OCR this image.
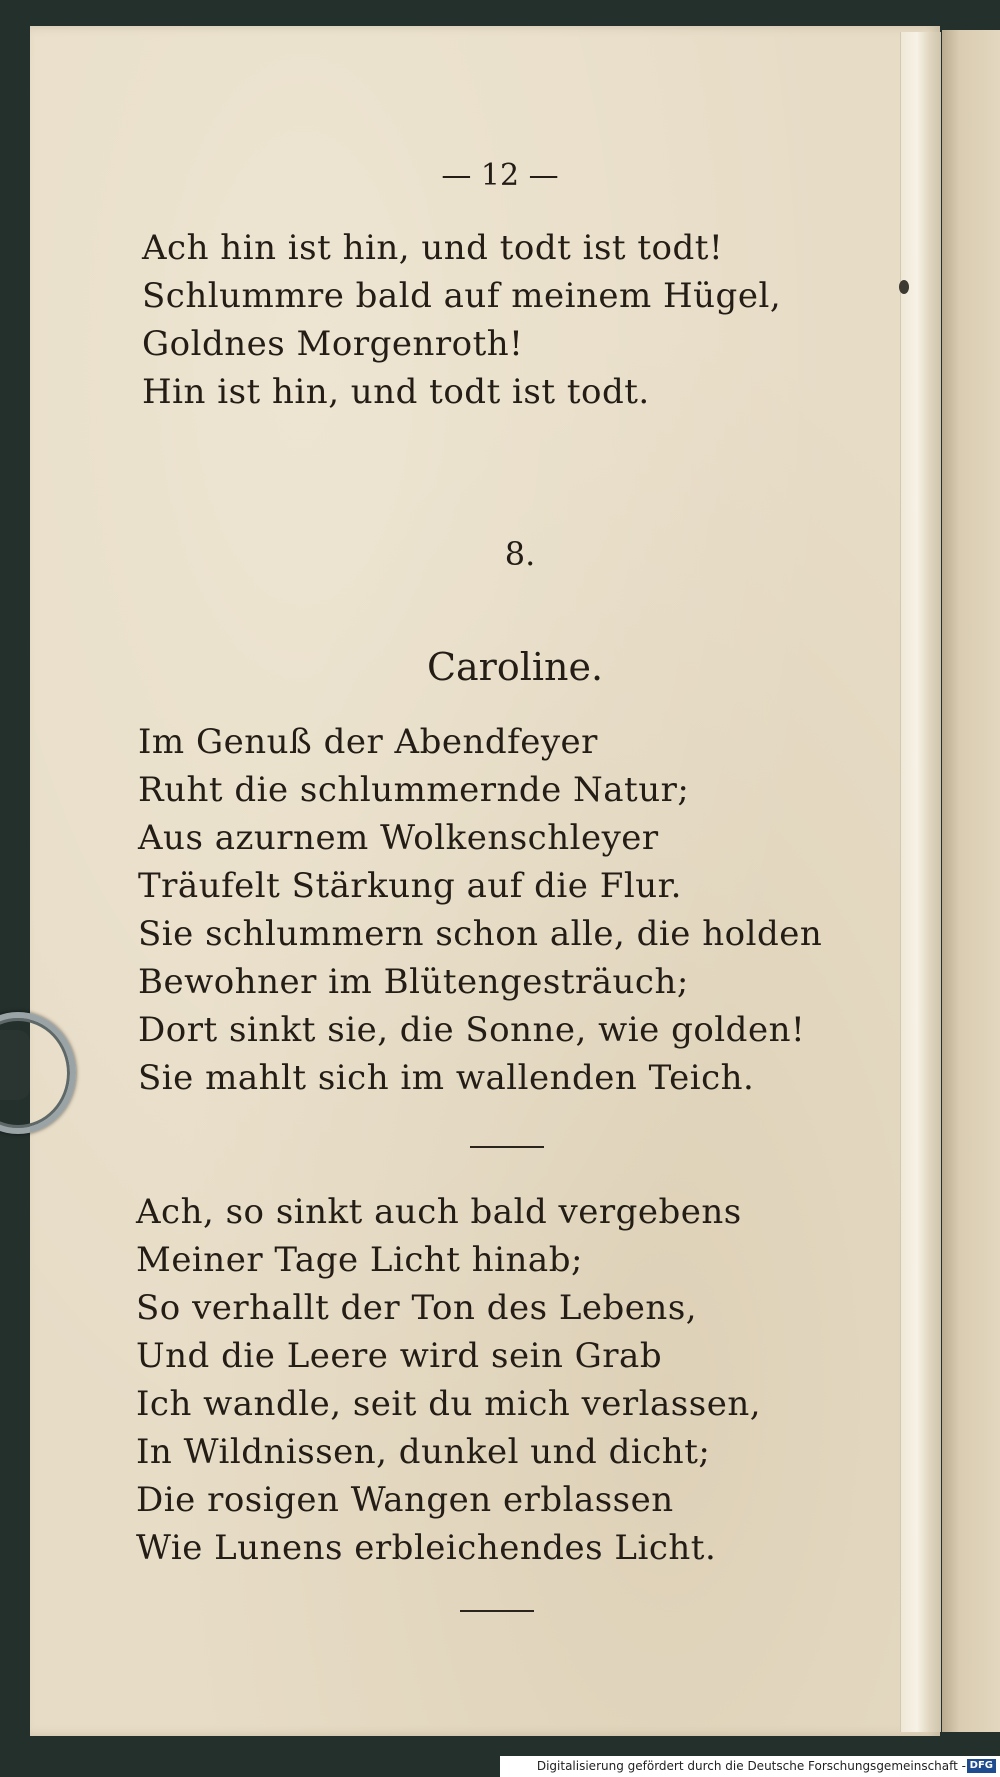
— 12 —
Ach hin ist hin, und todt ist todt!
Schlummre bald auf meinem Hügel,
Goldnes Morgenroth!
Hin ist hin, und todt ist todt.
8.
Caroline.
Im Genuß der Abendfeyer
Ruht die schlummernde Natur;
Aus azurnem Wolkenschleyer
Träufelt Stärkung auf die Flur.
Sie schlummern schon alle, die holden
Bewohner im Blütengesträuch;
Dort sinkt sie, die Sonne, wie golden!
Sie mahlt sich im wallenden Teich.
Ach, so sinkt auch bald vergebens
Meiner Tage Licht hinab;
So verhallt der Ton des Lebens,
Und die Leere wird sein Grab
Ich wandle, seit du mich verlassen,
In Wildnissen, dunkel und dicht;
Die rosigen Wangen erblassen
Wie Lunens erbleichendes Licht.
Digitalisierung gefördert durch die Deutsche Forschungsgemeinschaft - DFG
